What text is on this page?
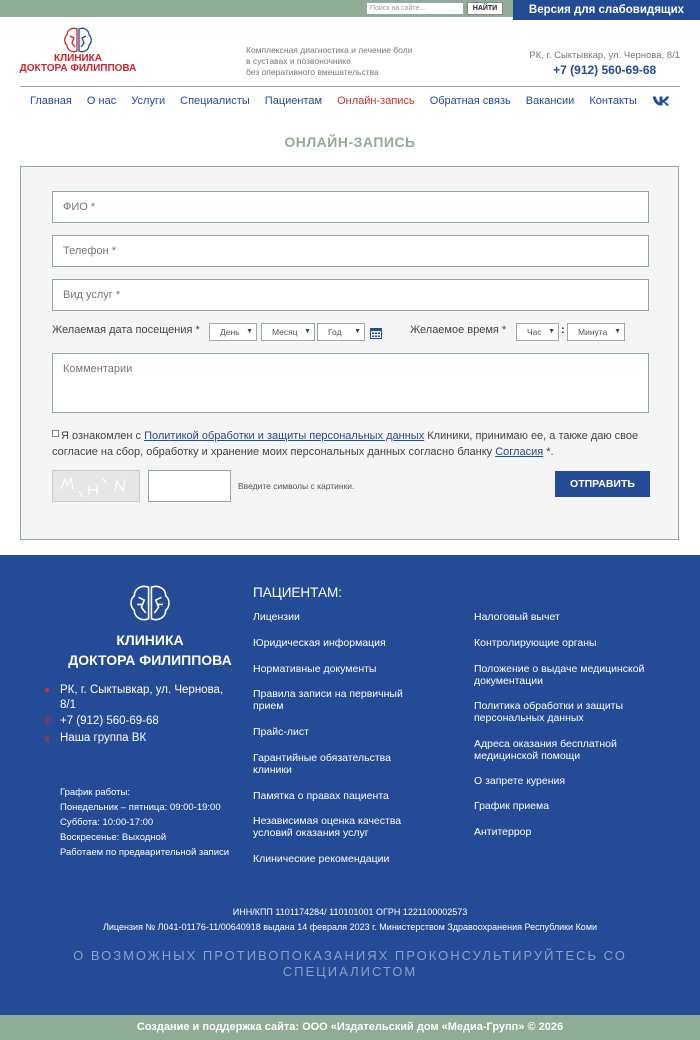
Поиск на сайте...	НАЙТИ	Версия для слабовидящих
КЛИНИКА
ДОКТОРА ФИЛИППОВА
Комплексная диагностика и лечение боли
в суставах и позвоночнике
без оперативного вмешательства
РК, г. Сыктывкар, ул. Чернова, 8/1
+7 (912) 560-69-68
Главная О нас Услуги Специалисты Пациентам Онлайн-запись Обратная связь Вакансии Контакты
ОНЛАЙН-ЗАПИСЬ
ФИО *
Телефон *
Вид услуг *
Желаемая дата посещения *	День ▼	Месяц ▼	Год ▼	Желаемое время *	Час ▼ :	Минута ▼
Комментарии
Я ознакомлен с Политикой обработки и защиты персональных данных Клиники, принимаю ее, а также даю свое согласие на сбор, обработку и хранение моих персональных данных согласно бланку Согласия *.
Введите символы с картинки.	ОТПРАВИТЬ
КЛИНИКА
ДОКТОРА ФИЛИППОВА
● РК, г. Сыктывкар, ул. Чернова,
8/1
✆ +7 (912) 560-69-68
ʞ Наша группа ВК
График работы:
Понедельник – пятница: 09:00-19:00
Суббота: 10:00-17:00
Воскресенье: Выходной
Работаем по предварительной записи
ПАЦИЕНТАМ:
Лицензии
Юридическая информация
Нормативные документы
Правила записи на первичный прием
Прайс-лист
Гарантийные обязательства клиники
Памятка о правах пациента
Независимая оценка качества условий оказания услуг
Клинические рекомендации
Налоговый вычет
Контролирующие органы
Положение о выдаче медицинской документации
Политика обработки и защиты персональных данных
Адреса оказания бесплатной медицинской помощи
О запрете курения
График приема
Антитеррор
ИНН/КПП 1101174284/ 110101001 ОГРН 1221100002573
Лицензия № Л041-01176-11/00640918 выдана 14 февраля 2023 г. Министерством Здравоохранения Республики Коми
О ВОЗМОЖНЫХ ПРОТИВОПОКАЗАНИЯХ ПРОКОНСУЛЬТИРУЙТЕСЬ СО СПЕЦИАЛИСТОМ
Создание и поддержка сайта: ООО «Издательский дом «Медиа-Групп» © 2026
